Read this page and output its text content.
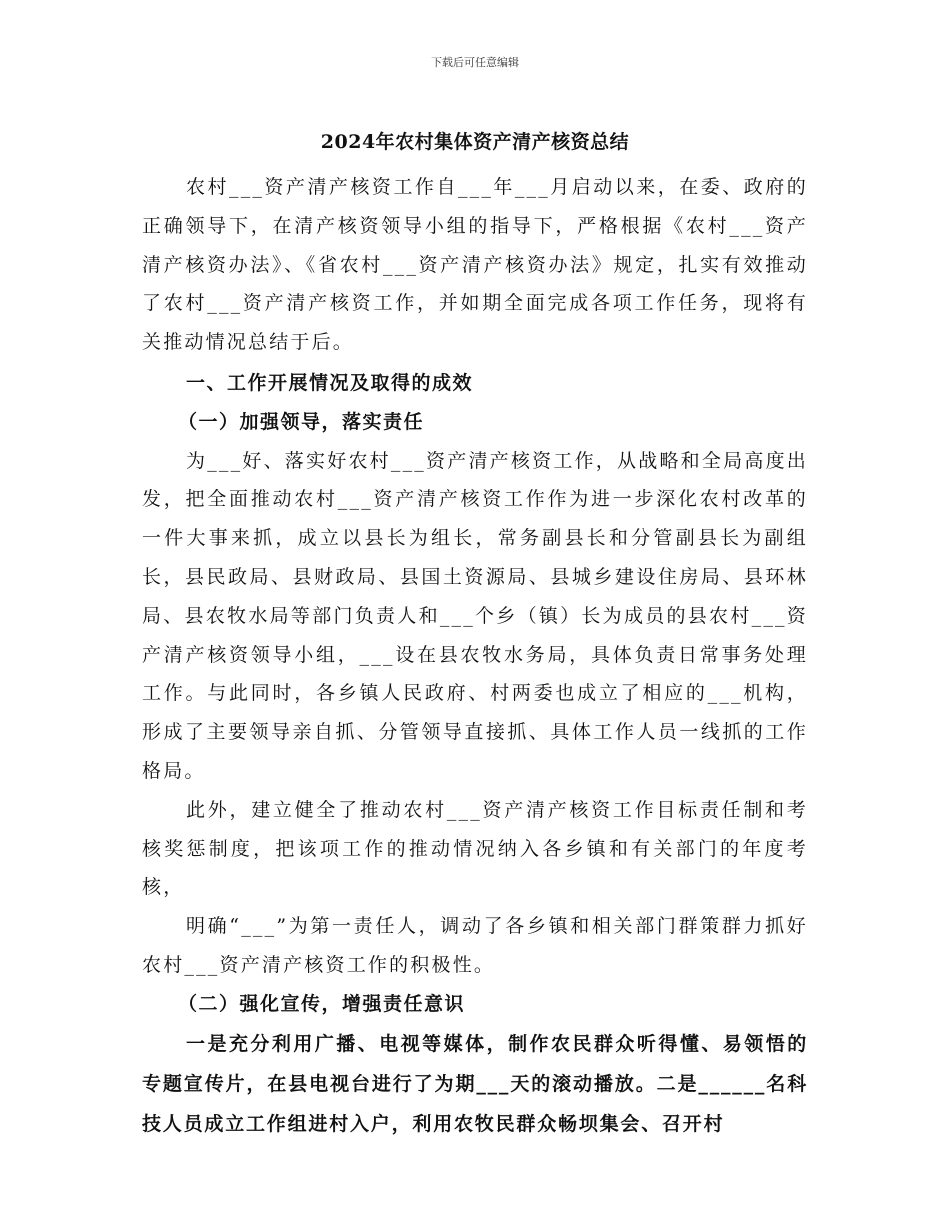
下载后可任意编辑
2024年农村集体资产清产核资总结

农村___资产清产核资工作自___年___月启动以来，在委、政府的正确领导下，在清产核资领导小组的指导下，严格根据《农村___资产清产核资办法》、《省农村___资产清产核资办法》规定，扎实有效推动了农村___资产清产核资工作，并如期全面完成各项工作任务，现将有关推动情况总结于后。

一、工作开展情况及取得的成效

（一）加强领导，落实责任

为___好、落实好农村___资产清产核资工作，从战略和全局高度出发，把全面推动农村___资产清产核资工作作为进一步深化农村改革的一件大事来抓，成立以县长为组长，常务副县长和分管副县长为副组长，县民政局、县财政局、县国土资源局、县城乡建设住房局、县环林局、县农牧水局等部门负责人和___个乡（镇）长为成员的县农村___资产清产核资领导小组，___设在县农牧水务局，具体负责日常事务处理工作。与此同时，各乡镇人民政府、村两委也成立了相应的___机构，形成了主要领导亲自抓、分管领导直接抓、具体工作人员一线抓的工作格局。

此外，建立健全了推动农村___资产清产核资工作目标责任制和考核奖惩制度，把该项工作的推动情况纳入各乡镇和有关部门的年度考核，

明确“___”为第一责任人，调动了各乡镇和相关部门群策群力抓好农村___资产清产核资工作的积极性。

（二）强化宣传，增强责任意识

一是充分利用广播、电视等媒体，制作农民群众听得懂、易领悟的专题宣传片，在县电视台进行了为期___天的滚动播放。二是______名科技人员成立工作组进村入户，利用农牧民群众畅坝集会、召开村
